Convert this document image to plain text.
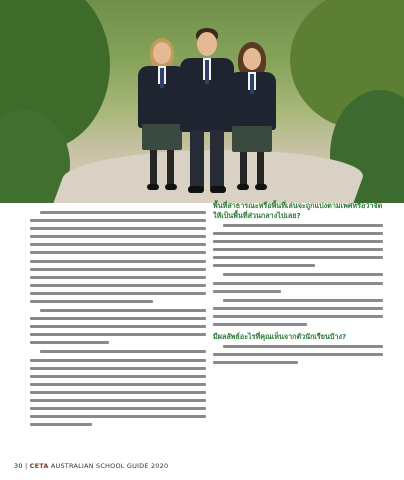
พื้นที่สาธารณะหรือพื้นที่เล่นจะถูกแบ่งตามเพศหรือว่าจัดให้เป็นพื้นที่ส่วนกลางไปเลย?
มีผลลัพธ์อะไรที่คุณเห็นจากตัวนักเรียนบ้าง?
30 | CETA AUSTRALIAN SCHOOL GUIDE 2020
